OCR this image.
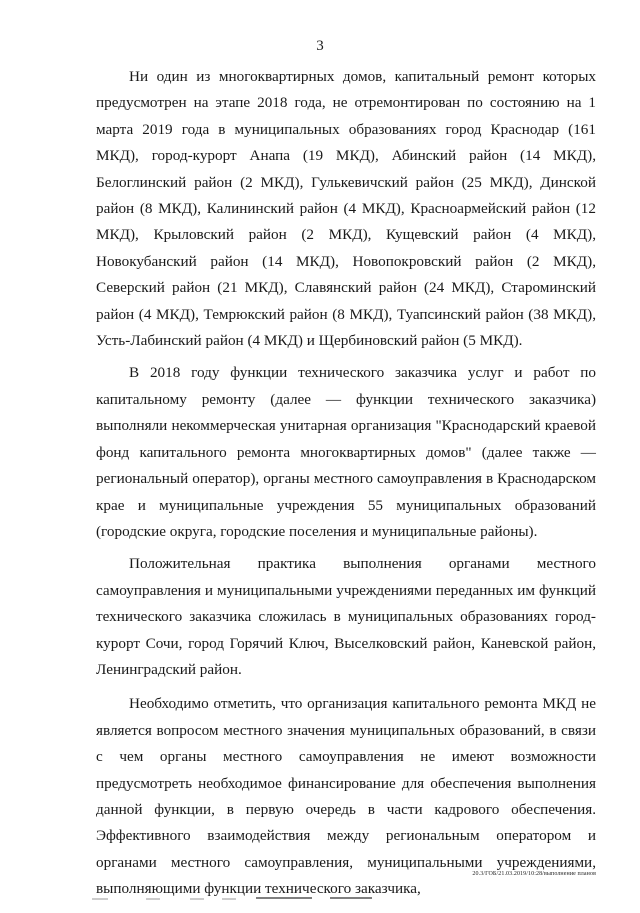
3

Ни один из многоквартирных домов, капитальный ремонт которых предусмотрен на этапе 2018 года, не отремонтирован по состоянию на 1 марта 2019 года в муниципальных образованиях город Краснодар (161 МКД), город-курорт Анапа (19 МКД), Абинский район (14 МКД), Белоглинский район (2 МКД), Гулькевичский район (25 МКД), Динской район (8 МКД), Калининский район (4 МКД), Красноармейский район (12 МКД), Крыловский район (2 МКД), Кущевский район (4 МКД), Новокубанский район (14 МКД), Новопокровский район (2 МКД), Северский район (21 МКД), Славянский район (24 МКД), Староминский район (4 МКД), Темрюкский район (8 МКД), Туапсинский район (38 МКД), Усть-Лабинский район (4 МКД) и Щербиновский район (5 МКД).

В 2018 году функции технического заказчика услуг и работ по капитальному ремонту (далее — функции технического заказчика) выполняли некоммерческая унитарная организация "Краснодарский краевой фонд капитального ремонта многоквартирных домов" (далее также — региональный оператор), органы местного самоуправления в Краснодарском крае и муниципальные учреждения 55 муниципальных образований (городские округа, городские поселения и муниципальные районы).

Положительная практика выполнения органами местного самоуправления и муниципальными учреждениями переданных им функций технического заказчика сложилась в муниципальных образованиях город-курорт Сочи, город Горячий Ключ, Выселковский район, Каневской район, Ленинградский район.

Необходимо отметить, что организация капитального ремонта МКД не является вопросом местного значения муниципальных образований, в связи с чем органы местного самоуправления не имеют возможности предусмотреть необходимое финансирование для обеспечения выполнения данной функции, в первую очередь в части кадрового обеспечения. Эффективного взаимодействия между региональным оператором и органами местного самоуправления, муниципальными учреждениями, выполняющими функции технического заказчика,

20.3/ГОБ/21.03.2019/10:28/выполнение планов
